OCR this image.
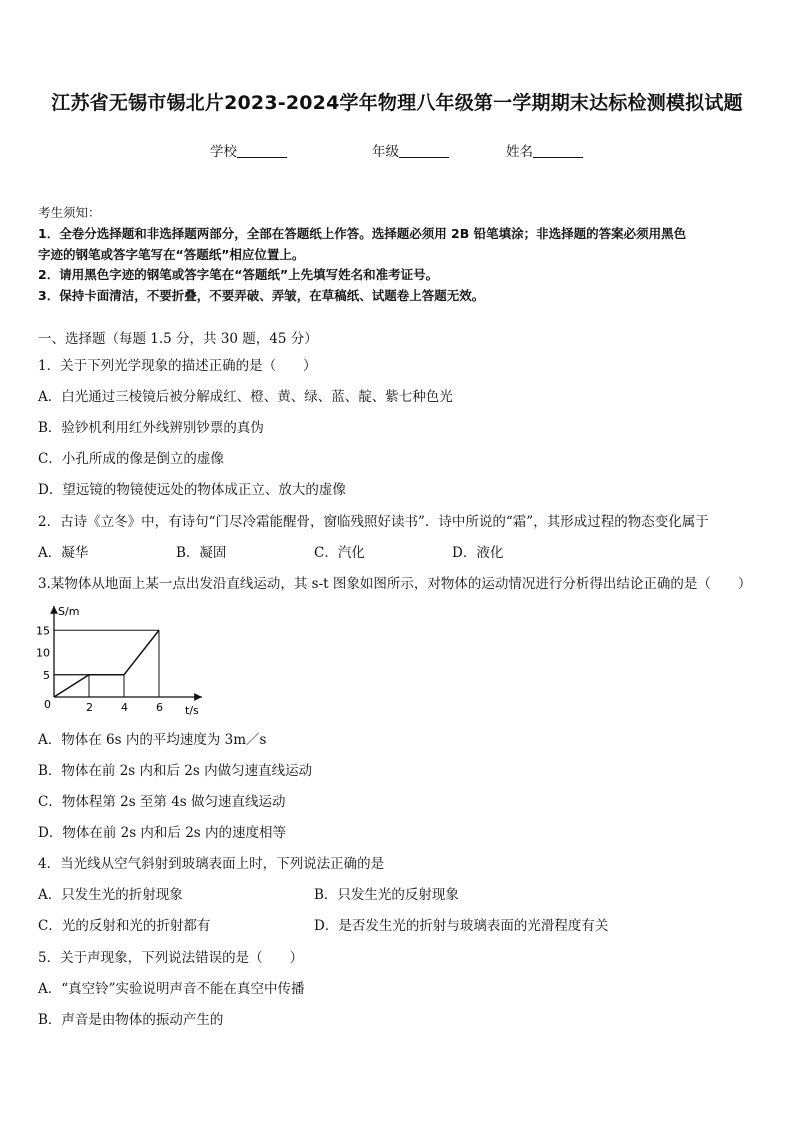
江苏省无锡市锡北片2023-2024学年物理八年级第一学期期末达标检测模拟试题
学校	年级	姓名
考生须知：
1．全卷分选择题和非选择题两部分，全部在答题纸上作答。选择题必须用 2B 铅笔填涂；非选择题的答案必须用黑色
字迹的钢笔或答字笔写在“答题纸”相应位置上。
2．请用黑色字迹的钢笔或答字笔在“答题纸”上先填写姓名和准考证号。
3．保持卡面清洁，不要折叠，不要弄破、弄皱，在草稿纸、试题卷上答题无效。
一、选择题（每题 1.5 分，共 30 题，45 分）
1．关于下列光学现象的描述正确的是（　　）
A．白光通过三棱镜后被分解成红、橙、黄、绿、蓝、靛、紫七种色光
B．验钞机利用红外线辨别钞票的真伪
C．小孔所成的像是倒立的虚像
D．望远镜的物镜使远处的物体成正立、放大的虚像
2．古诗《立冬》中，有诗句“门尽冷霜能醒骨，窗临残照好读书”．诗中所说的“霜”，其形成过程的物态变化属于
A．凝华	B．凝固	C．汽化	D．液化
3.某物体从地面上某一点出发沿直线运动，其 s-t 图象如图所示，对物体的运动情况进行分析得出结论正确的是（　　）
S/m
t/s
0	2	4	6
5
10
15
A．物体在 6s 内的平均速度为 3m／s
B．物体在前 2s 内和后 2s 内做匀速直线运动
C．物体程第 2s 至第 4s 做匀速直线运动
D．物体在前 2s 内和后 2s 内的速度相等
4．当光线从空气斜射到玻璃表面上时，下列说法正确的是
A．只发生光的折射现象	B．只发生光的反射现象
C．光的反射和光的折射都有	D．是否发生光的折射与玻璃表面的光滑程度有关
5．关于声现象，下列说法错误的是（　　）
A．“真空铃”实验说明声音不能在真空中传播
B．声音是由物体的振动产生的
